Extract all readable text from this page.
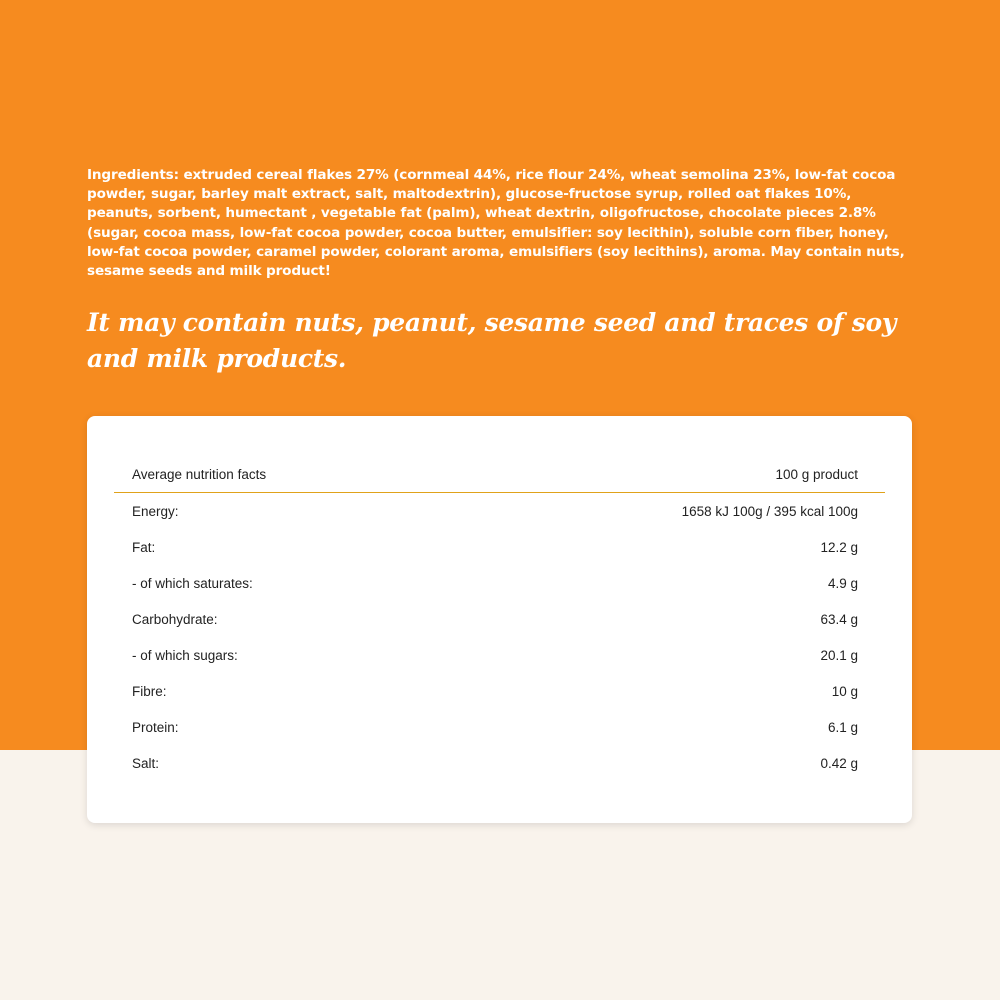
Ingredients: extruded cereal flakes 27% (cornmeal 44%, rice flour 24%, wheat semolina 23%, low-fat cocoa powder, sugar, barley malt extract, salt, maltodextrin), glucose-fructose syrup, rolled oat flakes 10%, peanuts, sorbent, humectant , vegetable fat (palm), wheat dextrin, oligofructose, chocolate pieces 2.8% (sugar, cocoa mass, low-fat cocoa powder, cocoa butter, emulsifier: soy lecithin), soluble corn fiber, honey, low-fat cocoa powder, caramel powder, colorant aroma, emulsifiers (soy lecithins), aroma. May contain nuts, sesame seeds and milk product!

It may contain nuts, peanut, sesame seed and traces of soy and milk products.

Average nutrition facts	100 g product
Energy:	1658 kJ 100g / 395 kcal 100g
Fat:	12.2 g
- of which saturates:	4.9 g
Carbohydrate:	63.4 g
- of which sugars:	20.1 g
Fibre:	10 g
Protein:	6.1 g
Salt:	0.42 g
